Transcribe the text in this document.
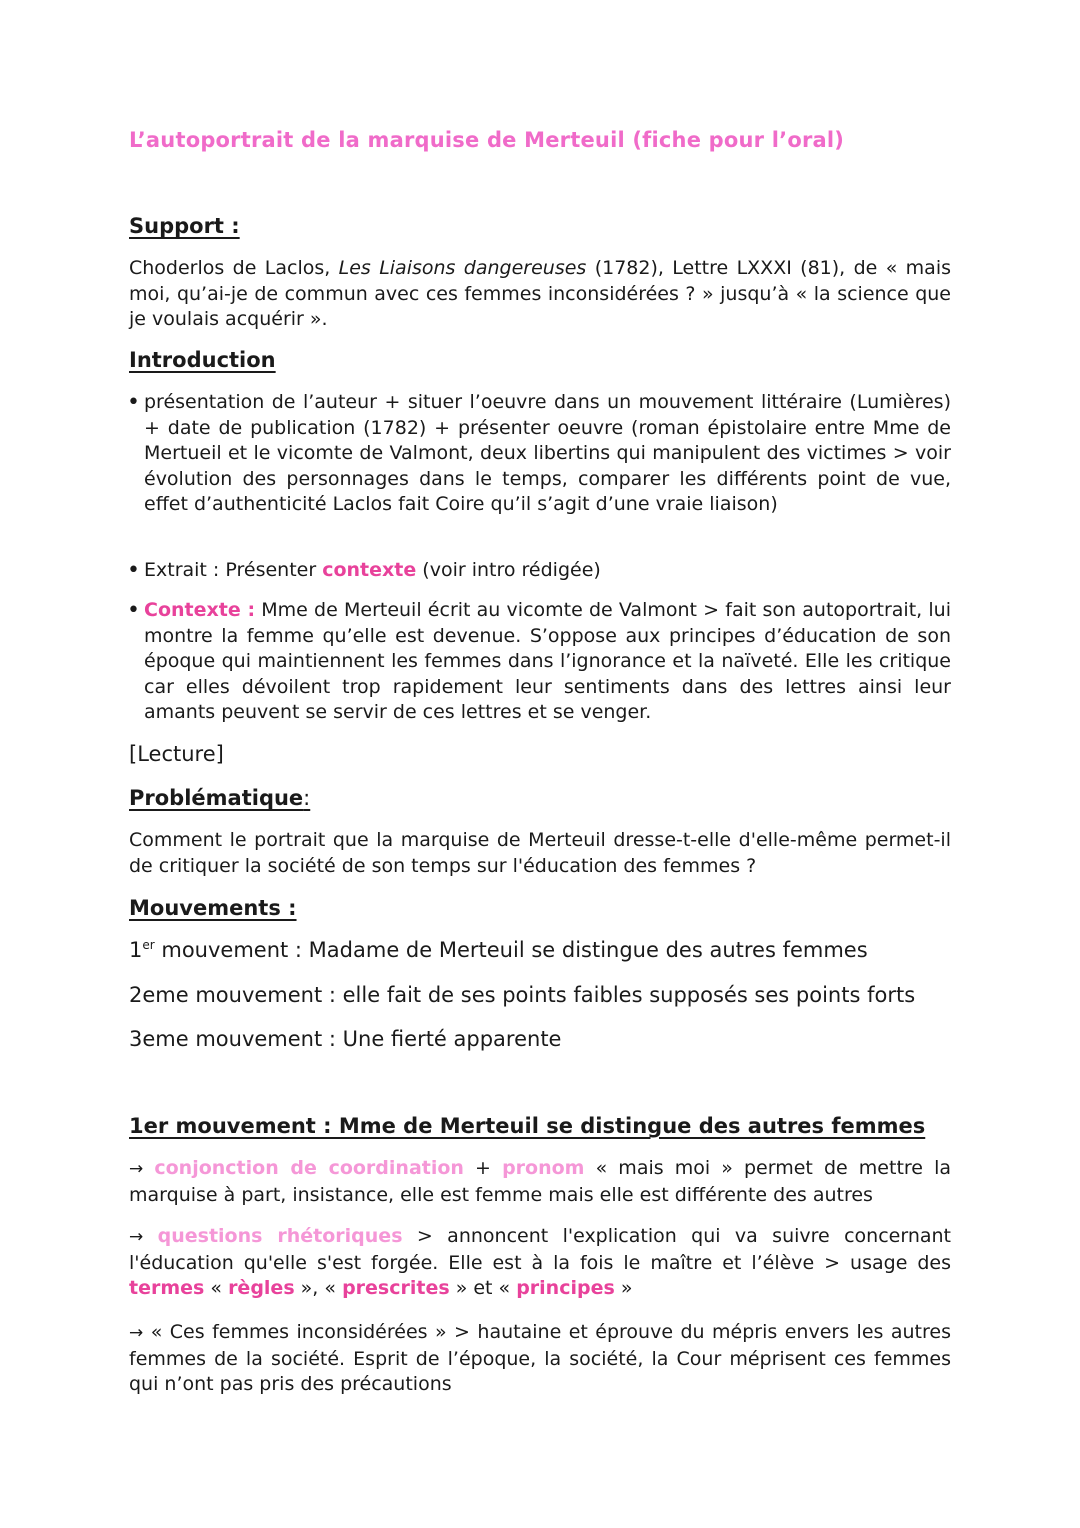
L’autoportrait de la marquise de Merteuil (fiche pour l’oral)
Support :
Choderlos de Laclos, Les Liaisons dangereuses (1782), Lettre LXXXI (81), de « mais moi, qu’ai-je de commun avec ces femmes inconsidérées ? » jusqu’à « la science que je voulais acquérir ».
Introduction
• présentation de l’auteur + situer l’oeuvre dans un mouvement littéraire (Lumières) + date de publication (1782) + présenter oeuvre (roman épistolaire entre Mme de Mertueil et le vicomte de Valmont, deux libertins qui manipulent des victimes > voir évolution des personnages dans le temps, comparer les différents point de vue, effet d’authenticité Laclos fait Coire qu’il s’agit d’une vraie liaison)
• Extrait : Présenter contexte (voir intro rédigée)
• Contexte : Mme de Merteuil écrit au vicomte de Valmont > fait son autoportrait, lui montre la femme qu’elle est devenue. S’oppose aux principes d’éducation de son époque qui maintiennent les femmes dans l’ignorance et la naïveté. Elle les critique car elles dévoilent trop rapidement leur sentiments dans des lettres ainsi leur amants peuvent se servir de ces lettres et se venger.
[Lecture]
Problématique:
Comment le portrait que la marquise de Merteuil dresse-t-elle d'elle-même permet-il de critiquer la société de son temps sur l'éducation des femmes ?
Mouvements :
1er mouvement : Madame de Merteuil se distingue des autres femmes
2eme mouvement : elle fait de ses points faibles supposés ses points forts
3eme mouvement : Une fierté apparente
1er mouvement : Mme de Merteuil se distingue des autres femmes
→ conjonction de coordination + pronom « mais moi » permet de mettre la marquise à part, insistance, elle est femme mais elle est différente des autres
→ questions rhétoriques > annoncent l'explication qui va suivre concernant l'éducation qu'elle s'est forgée. Elle est à la fois le maître et l’élève > usage des termes « règles », « prescrites » et « principes »
→ « Ces femmes inconsidérées » > hautaine et éprouve du mépris envers les autres femmes de la société. Esprit de l’époque, la société, la Cour méprisent ces femmes qui n’ont pas pris des précautions
